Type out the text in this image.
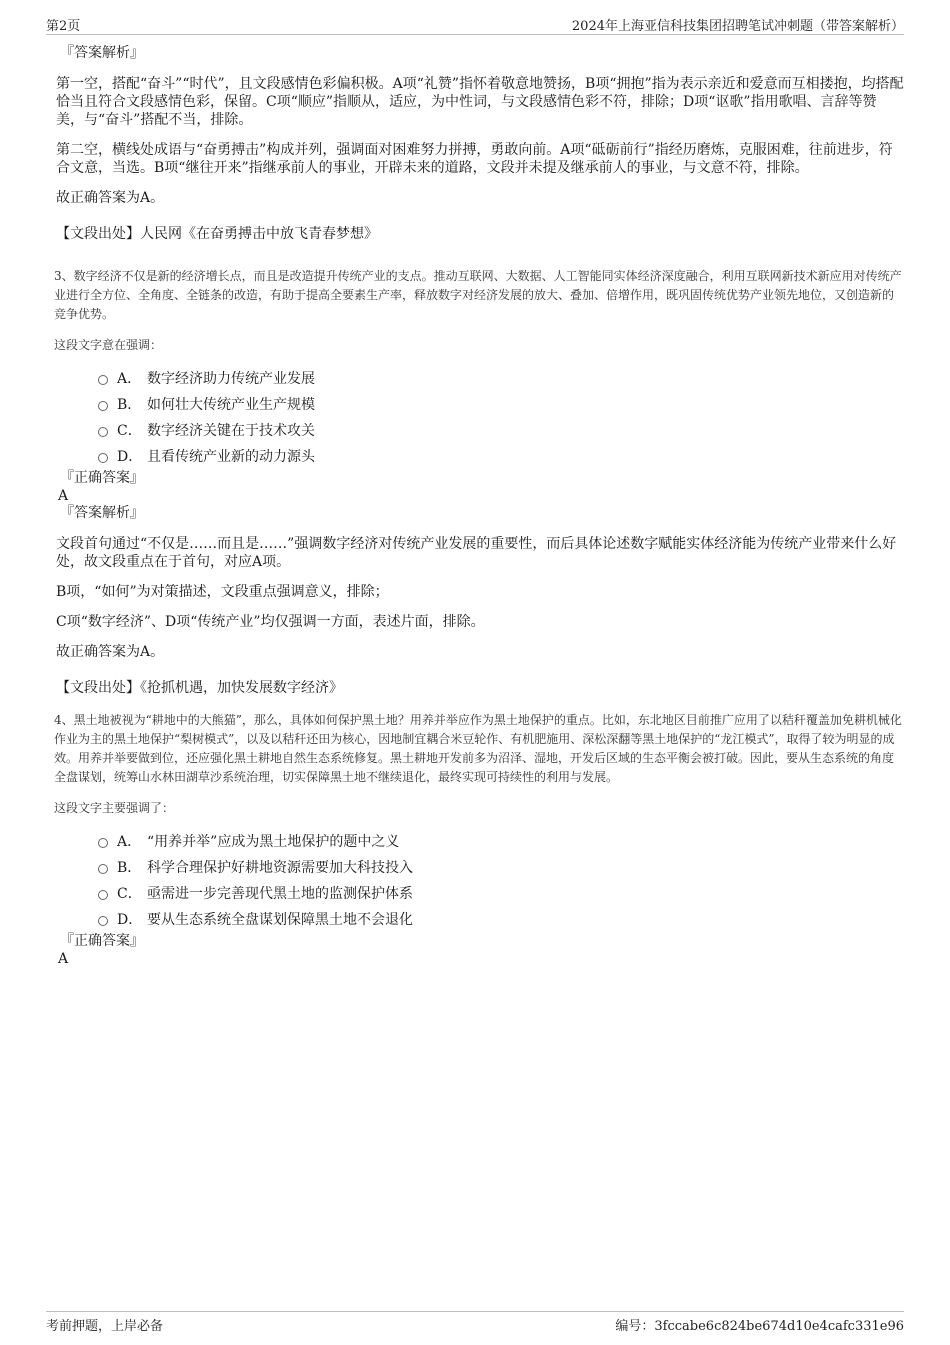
第2页	2024年上海亚信科技集团招聘笔试冲刺题（带答案解析）

『答案解析』

第一空，搭配“奋斗”“时代”，且文段感情色彩偏积极。A项“礼赞”指怀着敬意地赞扬，B项“拥抱”指为表示亲近和爱意而互相搂抱，均搭配恰当且符合文段感情色彩，保留。C项“顺应”指顺从，适应，为中性词，与文段感情色彩不符，排除；D项“讴歌”指用歌唱、言辞等赞美，与“奋斗”搭配不当，排除。

第二空，横线处成语与“奋勇搏击”构成并列，强调面对困难努力拼搏，勇敢向前。A项“砥砺前行”指经历磨炼，克服困难，往前进步，符合文意，当选。B项“继往开来”指继承前人的事业，开辟未来的道路，文段并未提及继承前人的事业，与文意不符，排除。

故正确答案为A。

【文段出处】人民网《在奋勇搏击中放飞青春梦想》

3、数字经济不仅是新的经济增长点，而且是改造提升传统产业的支点。推动互联网、大数据、人工智能同实体经济深度融合，利用互联网新技术新应用对传统产业进行全方位、全角度、全链条的改造，有助于提高全要素生产率，释放数字对经济发展的放大、叠加、倍增作用，既巩固传统优势产业领先地位，又创造新的竞争优势。

这段文字意在强调：

A． 数字经济助力传统产业发展
B． 如何壮大传统产业生产规模
C． 数字经济关键在于技术攻关
D． 且看传统产业新的动力源头

『正确答案』

A

『答案解析』

文段首句通过“不仅是……而且是……”强调数字经济对传统产业发展的重要性，而后具体论述数字赋能实体经济能为传统产业带来什么好处，故文段重点在于首句，对应A项。

B项，“如何”为对策描述，文段重点强调意义，排除；

C项“数字经济”、D项“传统产业”均仅强调一方面，表述片面，排除。

故正确答案为A。

【文段出处】《抢抓机遇，加快发展数字经济》

4、黑土地被视为“耕地中的大熊猫”，那么，具体如何保护黑土地？用养并举应作为黑土地保护的重点。比如，东北地区目前推广应用了以秸秆覆盖加免耕机械化作业为主的黑土地保护“梨树模式”，以及以秸秆还田为核心，因地制宜耦合米豆轮作、有机肥施用、深松深翻等黑土地保护的“龙江模式”，取得了较为明显的成效。用养并举要做到位，还应强化黑土耕地自然生态系统修复。黑土耕地开发前多为沼泽、湿地，开发后区域的生态平衡会被打破。因此，要从生态系统的角度全盘谋划，统筹山水林田湖草沙系统治理，切实保障黑土地不继续退化，最终实现可持续性的利用与发展。

这段文字主要强调了：

A． “用养并举”应成为黑土地保护的题中之义
B． 科学合理保护好耕地资源需要加大科技投入
C． 亟需进一步完善现代黑土地的监测保护体系
D． 要从生态系统全盘谋划保障黑土地不会退化

『正确答案』

A

考前押题，上岸必备	编号：3fccabe6c824be674d10e4cafc331e96
